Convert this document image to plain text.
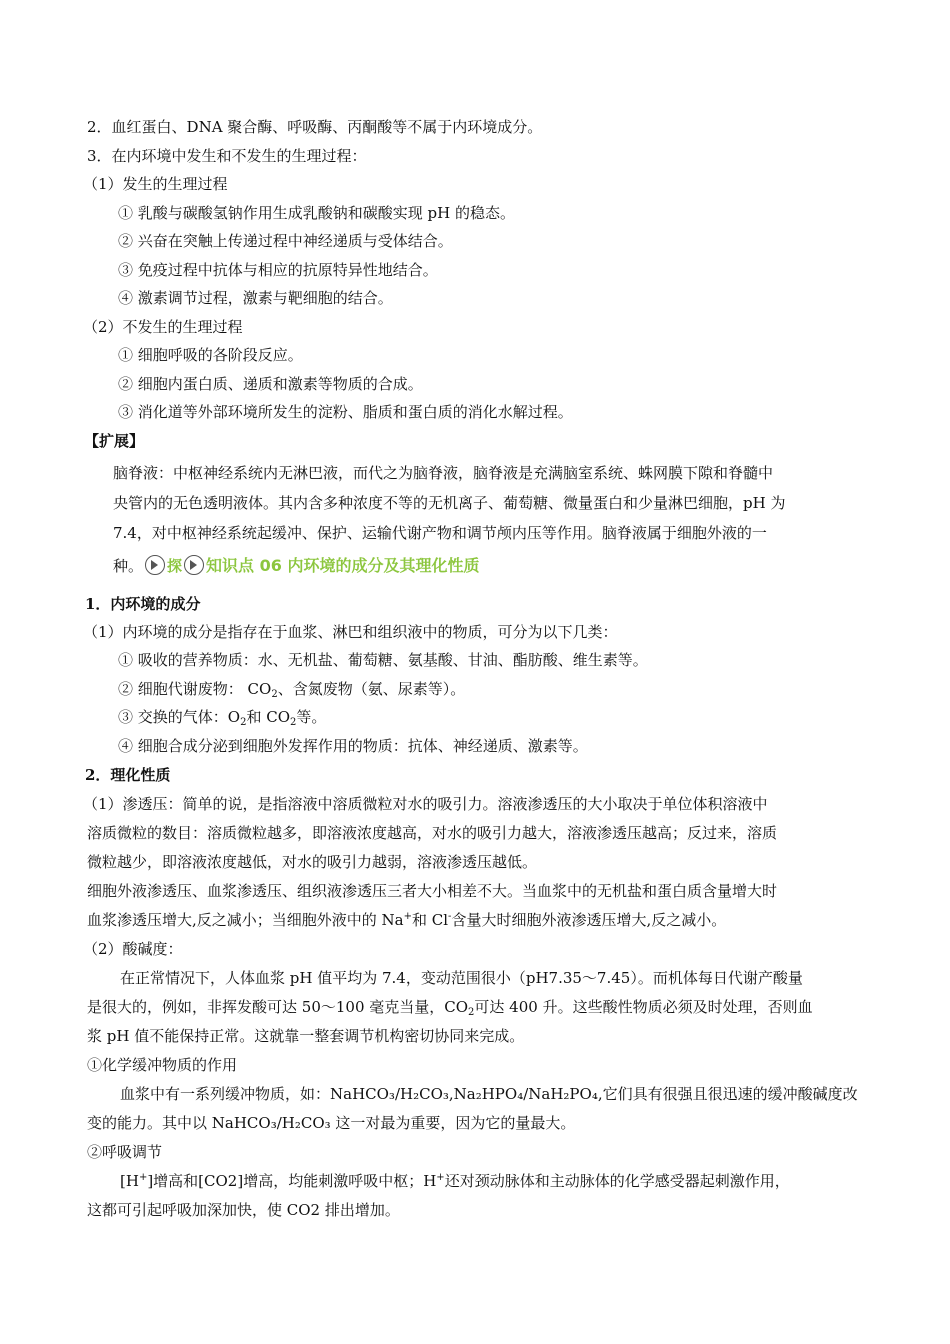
2．血红蛋白、DNA 聚合酶、呼吸酶、丙酮酸等不属于内环境成分。
3．在内环境中发生和不发生的生理过程：
（1）发生的生理过程
① 乳酸与碳酸氢钠作用生成乳酸钠和碳酸实现 pH 的稳态。
② 兴奋在突触上传递过程中神经递质与受体结合。
③ 免疫过程中抗体与相应的抗原特异性地结合。
④ 激素调节过程，激素与靶细胞的结合。
（2）不发生的生理过程
① 细胞呼吸的各阶段反应。
② 细胞内蛋白质、递质和激素等物质的合成。
③ 消化道等外部环境所发生的淀粉、脂质和蛋白质的消化水解过程。
【扩展】
脑脊液：中枢神经系统内无淋巴液，而代之为脑脊液，脑脊液是充满脑室系统、蛛网膜下隙和脊髓中
央管内的无色透明液体。其内含多种浓度不等的无机离子、葡萄糖、微量蛋白和少量淋巴细胞，pH 为
7.4，对中枢神经系统起缓冲、保护、运输代谢产物和调节颅内压等作用。脑脊液属于细胞外液的一
种。 探 知识点 06 内环境的成分及其理化性质
1．内环境的成分
（1）内环境的成分是指存在于血浆、淋巴和组织液中的物质，可分为以下几类：
① 吸收的营养物质：水、无机盐、葡萄糖、氨基酸、甘油、酯肪酸、维生素等。
② 细胞代谢废物： $CO_2$、含氮废物（氨、尿素等）。
③ 交换的气体：$O_2$和 $CO_2$等。
④ 细胞合成分泌到细胞外发挥作用的物质：抗体、神经递质、激素等。
2．理化性质
（1）渗透压：简单的说，是指溶液中溶质微粒对水的吸引力。溶液渗透压的大小取决于单位体积溶液中
溶质微粒的数目：溶质微粒越多，即溶液浓度越高，对水的吸引力越大，溶液渗透压越高；反过来，溶质
微粒越少，即溶液浓度越低，对水的吸引力越弱，溶液渗透压越低。
细胞外液渗透压、血浆渗透压、组织液渗透压三者大小相差不大。当血浆中的无机盐和蛋白质含量增大时
血浆渗透压增大,反之减小；当细胞外液中的 Na+和 Cl-含量大时细胞外液渗透压增大,反之减小。
（2）酸碱度：
在正常情况下，人体血浆 pH 值平均为 7.4，变动范围很小（pH7.35～7.45）。而机体每日代谢产酸量
是很大的，例如，非挥发酸可达 50～100 毫克当量，$CO_2$可达 400 升。这些酸性物质必须及时处理，否则血
浆 pH 值不能保持正常。这就靠一整套调节机构密切协同来完成。
①化学缓冲物质的作用
血浆中有一系列缓冲物质，如：NaHCO₃/H₂CO₃,Na₂HPO₄/NaH₂PO₄,它们具有很强且很迅速的缓冲酸碱度改
变的能力。其中以 NaHCO₃/H₂CO₃ 这一对最为重要，因为它的量最大。
②呼吸调节
[H+]增高和[CO2]增高，均能刺激呼吸中枢；H+还对颈动脉体和主动脉体的化学感受器起刺激作用，
这都可引起呼吸加深加快，使 CO2 排出增加。
